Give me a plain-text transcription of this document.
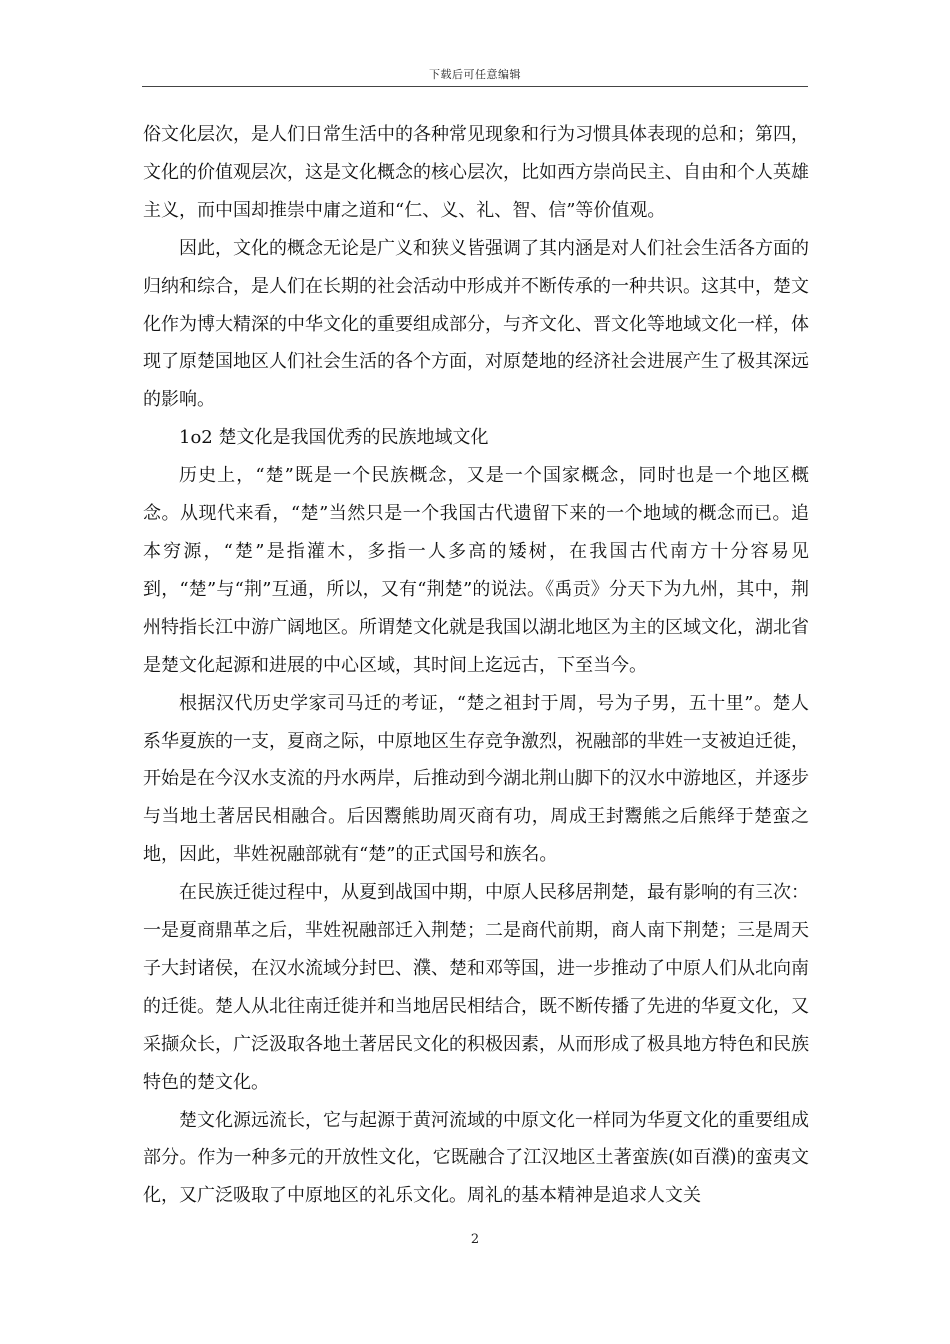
下载后可任意编辑

俗文化层次，是人们日常生活中的各种常见现象和行为习惯具体表现的总和；第四，文化的价值观层次，这是文化概念的核心层次，比如西方崇尚民主、自由和个人英雄主义，而中国却推崇中庸之道和“仁、义、礼、智、信”等价值观。

因此，文化的概念无论是广义和狭义皆强调了其内涵是对人们社会生活各方面的归纳和综合，是人们在长期的社会活动中形成并不断传承的一种共识。这其中，楚文化作为博大精深的中华文化的重要组成部分，与齐文化、晋文化等地域文化一样，体现了原楚国地区人们社会生活的各个方面，对原楚地的经济社会进展产生了极其深远的影响。

1o2 楚文化是我国优秀的民族地域文化

历史上，“楚”既是一个民族概念，又是一个国家概念，同时也是一个地区概念。从现代来看，“楚”当然只是一个我国古代遗留下来的一个地域的概念而已。追本穷源，“楚”是指灌木，多指一人多高的矮树，在我国古代南方十分容易见到，“楚”与“荆”互通，所以，又有“荆楚”的说法。《禹贡》分天下为九州，其中，荆州特指长江中游广阔地区。所谓楚文化就是我国以湖北地区为主的区域文化，湖北省是楚文化起源和进展的中心区域，其时间上迄远古，下至当今。

根据汉代历史学家司马迁的考证，“楚之祖封于周，号为子男，五十里”。楚人系华夏族的一支，夏商之际，中原地区生存竞争激烈，祝融部的芈姓一支被迫迁徙，开始是在今汉水支流的丹水两岸，后推动到今湖北荆山脚下的汉水中游地区，并逐步与当地土著居民相融合。后因鬻熊助周灭商有功，周成王封鬻熊之后熊绎于楚蛮之地，因此，芈姓祝融部就有“楚”的正式国号和族名。

在民族迁徙过程中，从夏到战国中期，中原人民移居荆楚，最有影响的有三次：一是夏商鼎革之后，芈姓祝融部迁入荆楚；二是商代前期，商人南下荆楚；三是周天子大封诸侯，在汉水流域分封巴、濮、楚和邓等国，进一步推动了中原人们从北向南的迁徙。楚人从北往南迁徙并和当地居民相结合，既不断传播了先进的华夏文化，又采撷众长，广泛汲取各地土著居民文化的积极因素，从而形成了极具地方特色和民族特色的楚文化。

楚文化源远流长，它与起源于黄河流域的中原文化一样同为华夏文化的重要组成部分。作为一种多元的开放性文化，它既融合了江汉地区土著蛮族(如百濮)的蛮夷文化，又广泛吸取了中原地区的礼乐文化。周礼的基本精神是追求人文关

2
